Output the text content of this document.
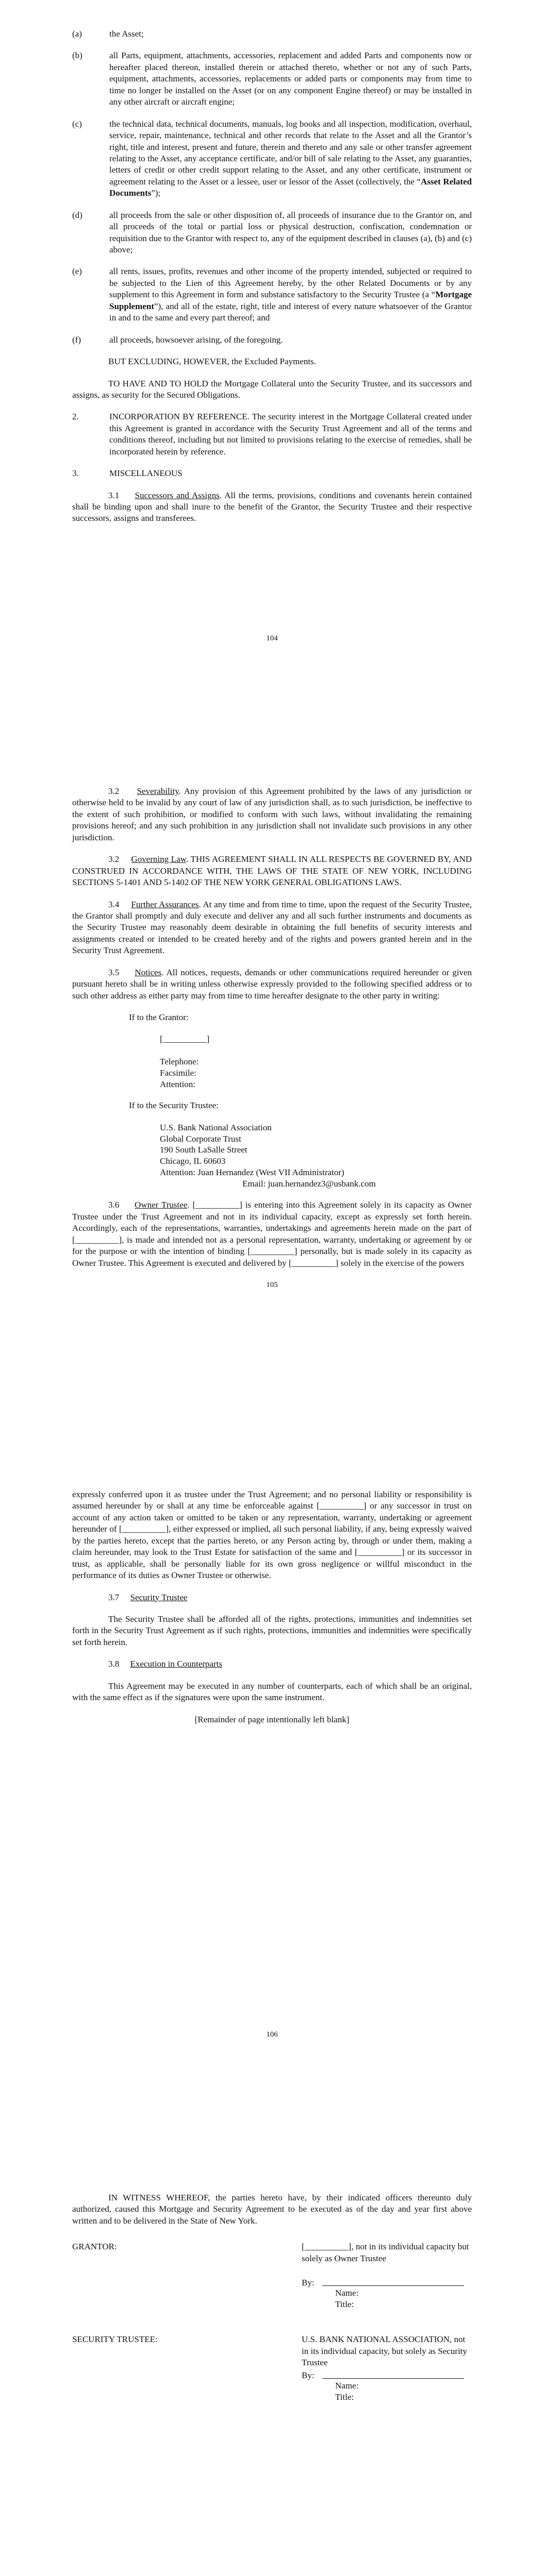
(a)	the Asset;
(b)	all Parts, equipment, attachments, accessories, replacement and added Parts and components now or hereafter placed thereon, installed therein or attached thereto, whether or not any of such Parts, equipment, attachments, accessories, replacements or added parts or components may from time to time no longer be installed on the Asset (or on any component Engine thereof) or may be installed in any other aircraft or aircraft engine;
(c)	the technical data, technical documents, manuals, log books and all inspection, modification, overhaul, service, repair, maintenance, technical and other records that relate to the Asset and all the Grantor’s right, title and interest, present and future, therein and thereto and any sale or other transfer agreement relating to the Asset, any acceptance certificate, and/or bill of sale relating to the Asset, any guaranties, letters of credit or other credit support relating to the Asset, and any other certificate, instrument or agreement relating to the Asset or a lessee, user or lessor of the Asset (collectively, the “Asset Related Documents”);
(d)	all proceeds from the sale or other disposition of, all proceeds of insurance due to the Grantor on, and all proceeds of the total or partial loss or physical destruction, confiscation, condemnation or requisition due to the Grantor with respect to, any of the equipment described in clauses (a), (b) and (c) above;
(e)	all rents, issues, profits, revenues and other income of the property intended, subjected or required to be subjected to the Lien of this Agreement hereby, by the other Related Documents or by any supplement to this Agreement in form and substance satisfactory to the Security Trustee (a “Mortgage Supplement”), and all of the estate, right, title and interest of every nature whatsoever of the Grantor in and to the same and every part thereof; and
(f)	all proceeds, howsoever arising, of the foregoing.

BUT EXCLUDING, HOWEVER, the Excluded Payments.

TO HAVE AND TO HOLD the Mortgage Collateral unto the Security Trustee, and its successors and assigns, as security for the Secured Obligations.

2.	INCORPORATION BY REFERENCE. The security interest in the Mortgage Collateral created under this Agreement is granted in accordance with the Security Trust Agreement and all of the terms and conditions thereof, including but not limited to provisions relating to the exercise of remedies, shall be incorporated herein by reference.
3.	MISCELLANEOUS

3.1 Successors and Assigns. All the terms, provisions, conditions and covenants herein contained shall be binding upon and shall inure to the benefit of the Grantor, the Security Trustee and their respective successors, assigns and transferees.

104

3.2 Severability. Any provision of this Agreement prohibited by the laws of any jurisdiction or otherwise held to be invalid by any court of law of any jurisdiction shall, as to such jurisdiction, be ineffective to the extent of such prohibition, or modified to conform with such laws, without invalidating the remaining provisions hereof; and any such prohibition in any jurisdiction shall not invalidate such provisions in any other jurisdiction.

3.2 Governing Law. THIS AGREEMENT SHALL IN ALL RESPECTS BE GOVERNED BY, AND CONSTRUED IN ACCORDANCE WITH, THE LAWS OF THE STATE OF NEW YORK, INCLUDING SECTIONS 5-1401 AND 5-1402 OF THE NEW YORK GENERAL OBLIGATIONS LAWS.

3.4 Further Assurances. At any time and from time to time, upon the request of the Security Trustee, the Grantor shall promptly and duly execute and deliver any and all such further instruments and documents as the Security Trustee may reasonably deem desirable in obtaining the full benefits of security interests and assignments created or intended to be created hereby and of the rights and powers granted herein and in the Security Trust Agreement.

3.5 Notices. All notices, requests, demands or other communications required hereunder or given pursuant hereto shall be in writing unless otherwise expressly provided to the following specified address or to such other address as either party may from time to time hereafter designate to the other party in writing:

If to the Grantor:
[__________]
Telephone:
Facsimile:
Attention:
If to the Security Trustee:
U.S. Bank National Association
Global Corporate Trust
190 South LaSalle Street
Chicago, IL 60603
Attention: Juan Hernandez (West VII Administrator)
Email: juan.hernandez3@usbank.com

3.6 Owner Trustee. [__________] is entering into this Agreement solely in its capacity as Owner Trustee under the Trust Agreement and not in its individual capacity, except as expressly set forth herein. Accordingly, each of the representations, warranties, undertakings and agreements herein made on the part of [__________], is made and intended not as a personal representation, warranty, undertaking or agreement by or for the purpose or with the intention of binding [__________] personally, but is made solely in its capacity as Owner Trustee. This Agreement is executed and delivered by [__________] solely in the exercise of the powers

105

expressly conferred upon it as trustee under the Trust Agreement; and no personal liability or responsibility is assumed hereunder by or shall at any time be enforceable against [__________] or any successor in trust on account of any action taken or omitted to be taken or any representation, warranty, undertaking or agreement hereunder of [__________], either expressed or implied, all such personal liability, if any, being expressly waived by the parties hereto, except that the parties hereto, or any Person acting by, through or under them, making a claim hereunder, may look to the Trust Estate for satisfaction of the same and [__________] or its successor in trust, as applicable, shall be personally liable for its own gross negligence or willful misconduct in the performance of its duties as Owner Trustee or otherwise.

3.7 Security Trustee

The Security Trustee shall be afforded all of the rights, protections, immunities and indemnities set forth in the Security Trust Agreement as if such rights, protections, immunities and indemnities were specifically set forth herein.

3.8 Execution in Counterparts

This Agreement may be executed in any number of counterparts, each of which shall be an original, with the same effect as if the signatures were upon the same instrument.

[Remainder of page intentionally left blank]

106

IN WITNESS WHEREOF, the parties hereto have, by their indicated officers thereunto duly authorized, caused this Mortgage and Security Agreement to be executed as of the day and year first above written and to be delivered in the State of New York.

GRANTOR:	[__________], not in its individual capacity but solely as Owner Trustee
By:
Name:
Title:
SECURITY TRUSTEE:	U.S. BANK NATIONAL ASSOCIATION, not in its individual capacity, but solely as Security Trustee
By:
Name:
Title:
